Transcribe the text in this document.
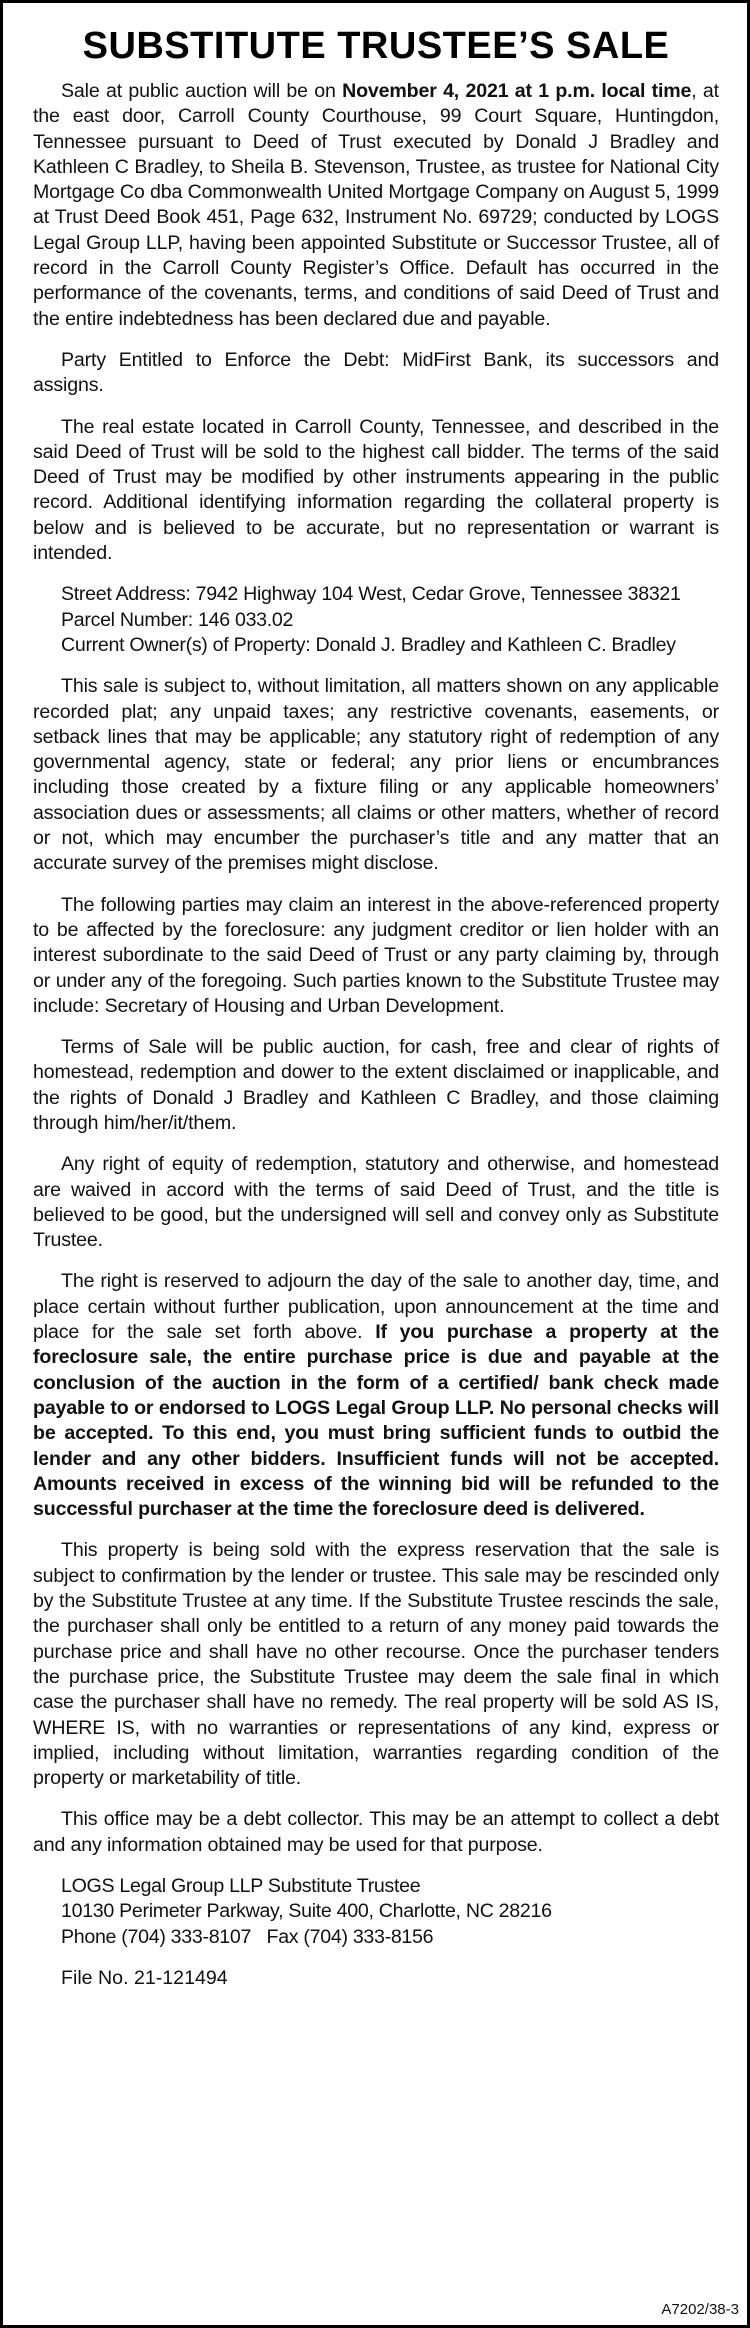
SUBSTITUTE TRUSTEE’S SALE

Sale at public auction will be on November 4, 2021 at 1 p.m. local time, at the east door, Carroll County Courthouse, 99 Court Square, Huntingdon, Tennessee pursuant to Deed of Trust executed by Donald J Bradley and Kathleen C Bradley, to Sheila B. Stevenson, Trustee, as trustee for National City Mortgage Co dba Commonwealth United Mortgage Company on August 5, 1999 at Trust Deed Book 451, Page 632, Instrument No. 69729; conducted by LOGS Legal Group LLP, having been appointed Substitute or Successor Trustee, all of record in the Carroll County Register’s Office. Default has occurred in the performance of the covenants, terms, and conditions of said Deed of Trust and the entire indebtedness has been declared due and payable.

Party Entitled to Enforce the Debt: MidFirst Bank, its successors and assigns.

The real estate located in Carroll County, Tennessee, and described in the said Deed of Trust will be sold to the highest call bidder. The terms of the said Deed of Trust may be modified by other instruments appearing in the public record. Additional identifying information regarding the collateral property is below and is believed to be accurate, but no representation or warrant is intended.

Street Address: 7942 Highway 104 West, Cedar Grove, Tennessee 38321
Parcel Number: 146 033.02
Current Owner(s) of Property: Donald J. Bradley and Kathleen C. Bradley

This sale is subject to, without limitation, all matters shown on any applicable recorded plat; any unpaid taxes; any restrictive covenants, easements, or setback lines that may be applicable; any statutory right of redemption of any governmental agency, state or federal; any prior liens or encumbrances including those created by a fixture filing or any applicable homeowners’ association dues or assessments; all claims or other matters, whether of record or not, which may encumber the purchaser’s title and any matter that an accurate survey of the premises might disclose.

The following parties may claim an interest in the above-referenced property to be affected by the foreclosure: any judgment creditor or lien holder with an interest subordinate to the said Deed of Trust or any party claiming by, through or under any of the foregoing. Such parties known to the Substitute Trustee may include: Secretary of Housing and Urban Development.

Terms of Sale will be public auction, for cash, free and clear of rights of homestead, redemption and dower to the extent disclaimed or inapplicable, and the rights of Donald J Bradley and Kathleen C Bradley, and those claiming through him/her/it/them.

Any right of equity of redemption, statutory and otherwise, and homestead are waived in accord with the terms of said Deed of Trust, and the title is believed to be good, but the undersigned will sell and convey only as Substitute Trustee.

The right is reserved to adjourn the day of the sale to another day, time, and place certain without further publication, upon announcement at the time and place for the sale set forth above. If you purchase a property at the foreclosure sale, the entire purchase price is due and payable at the conclusion of the auction in the form of a certified/ bank check made payable to or endorsed to LOGS Legal Group LLP. No personal checks will be accepted. To this end, you must bring sufficient funds to outbid the lender and any other bidders. Insufficient funds will not be accepted. Amounts received in excess of the winning bid will be refunded to the successful purchaser at the time the foreclosure deed is delivered.

This property is being sold with the express reservation that the sale is subject to confirmation by the lender or trustee. This sale may be rescinded only by the Substitute Trustee at any time. If the Substitute Trustee rescinds the sale, the purchaser shall only be entitled to a return of any money paid towards the purchase price and shall have no other recourse. Once the purchaser tenders the purchase price, the Substitute Trustee may deem the sale final in which case the purchaser shall have no remedy. The real property will be sold AS IS, WHERE IS, with no warranties or representations of any kind, express or implied, including without limitation, warranties regarding condition of the property or marketability of title.

This office may be a debt collector. This may be an attempt to collect a debt and any information obtained may be used for that purpose.

LOGS Legal Group LLP Substitute Trustee
10130 Perimeter Parkway, Suite 400, Charlotte, NC 28216
Phone (704) 333-8107   Fax (704) 333-8156
File No. 21-121494
A7202/38-3
